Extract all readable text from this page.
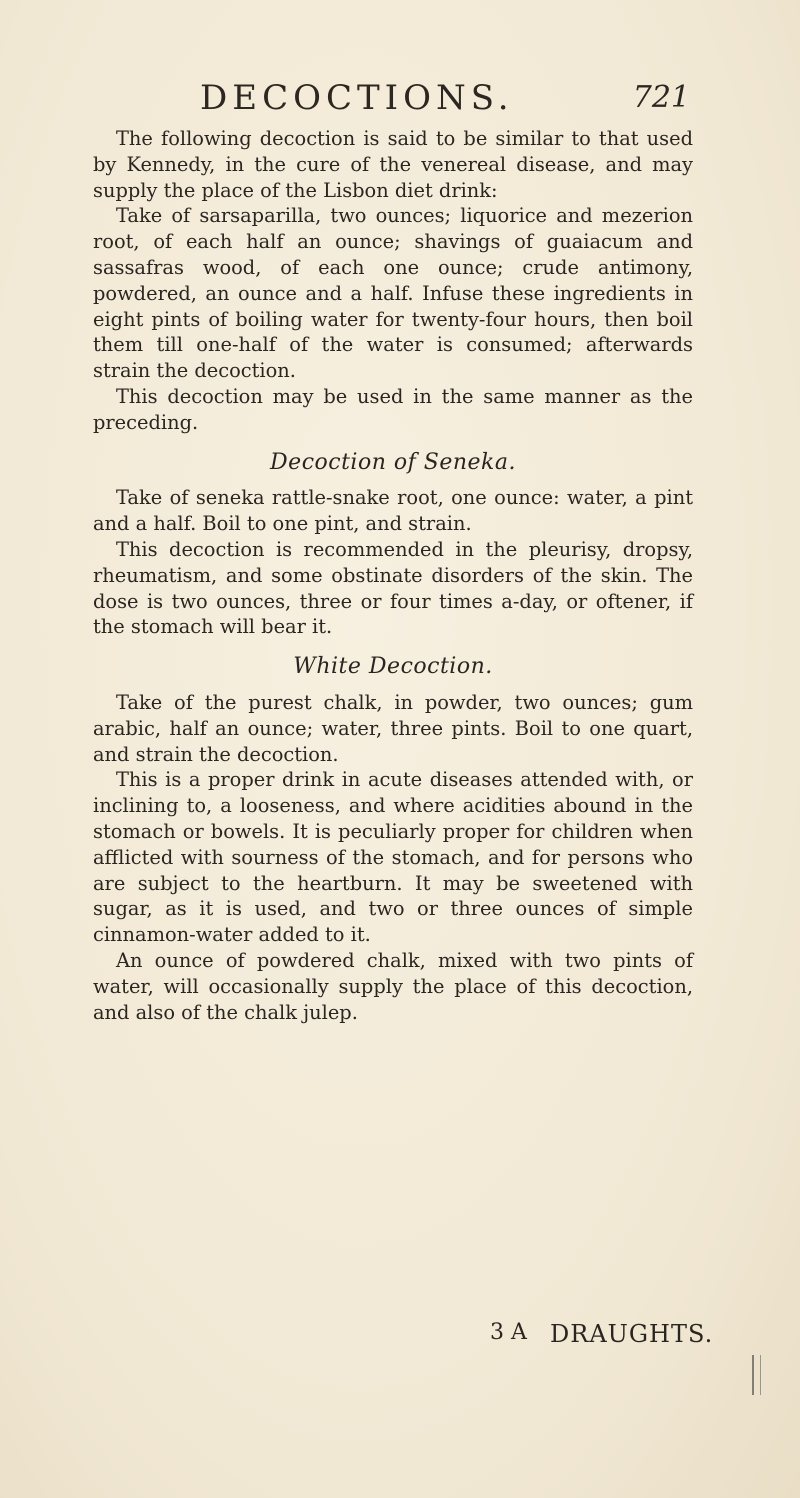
DECOCTIONS.	721

The following decoction is said to be similar to that used by Kennedy, in the cure of the venereal disease, and may supply the place of the Lisbon diet drink:

Take of sarsaparilla, two ounces; liquorice and mezerion root, of each half an ounce; shavings of guaiacum and sassafras wood, of each one ounce; crude antimony, powdered, an ounce and a half. Infuse these ingredients in eight pints of boiling water for twenty-four hours, then boil them till one-half of the water is consumed; afterwards strain the decoction.

This decoction may be used in the same manner as the preceding.

Decoction of Seneka.

Take of seneka rattle-snake root, one ounce: water, a pint and a half. Boil to one pint, and strain.

This decoction is recommended in the pleurisy, dropsy, rheumatism, and some obstinate disorders of the skin. The dose is two ounces, three or four times a-day, or oftener, if the stomach will bear it.

White Decoction.

Take of the purest chalk, in powder, two ounces; gum arabic, half an ounce; water, three pints. Boil to one quart, and strain the decoction.

This is a proper drink in acute diseases attended with, or inclining to, a looseness, and where acidities abound in the stomach or bowels. It is peculiarly proper for children when afflicted with sourness of the stomach, and for persons who are subject to the heartburn. It may be sweetened with sugar, as it is used, and two or three ounces of simple cinnamon-water added to it.

An ounce of powdered chalk, mixed with two pints of water, will occasionally supply the place of this decoction, and also of the chalk julep.

3 A DRAUGHTS.
